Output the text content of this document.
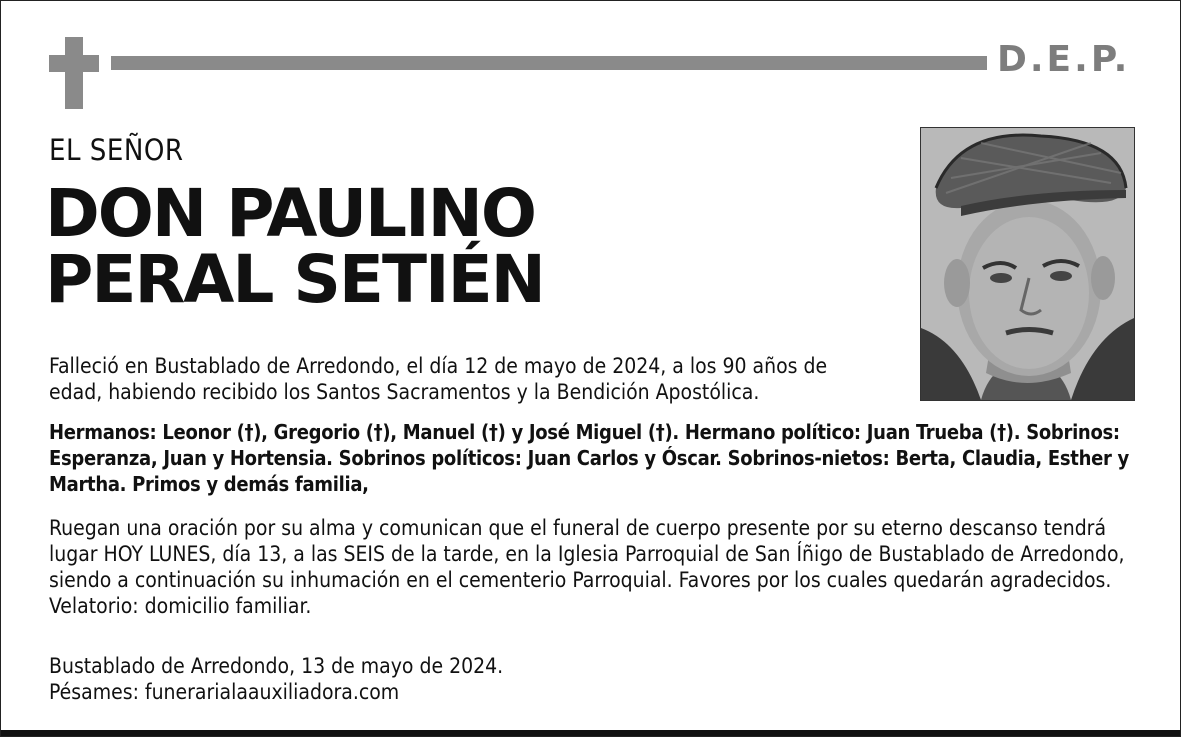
D.E.P.
EL SEÑOR
DON PAULINO
PERAL SETIÉN
Falleció en Bustablado de Arredondo, el día 12 de mayo de 2024, a los 90 años de edad, habiendo recibido los Santos Sacramentos y la Bendición Apostólica.
Hermanos: Leonor (†), Gregorio (†), Manuel (†) y José Miguel (†). Hermano político: Juan Trueba (†). Sobrinos: Esperanza, Juan y Hortensia. Sobrinos políticos: Juan Carlos y Óscar. Sobrinos-nietos: Berta, Claudia, Esther y Martha. Primos y demás familia,
Ruegan una oración por su alma y comunican que el funeral de cuerpo presente por su eterno descanso tendrá lugar HOY LUNES, día 13, a las SEIS de la tarde, en la Iglesia Parroquial de San Íñigo de Bustablado de Arredondo, siendo a continuación su inhumación en el cementerio Parroquial. Favores por los cuales quedarán agradecidos. Velatorio: domicilio familiar.
Bustablado de Arredondo, 13 de mayo de 2024.
Pésames: funerarialaauxiliadora.com
